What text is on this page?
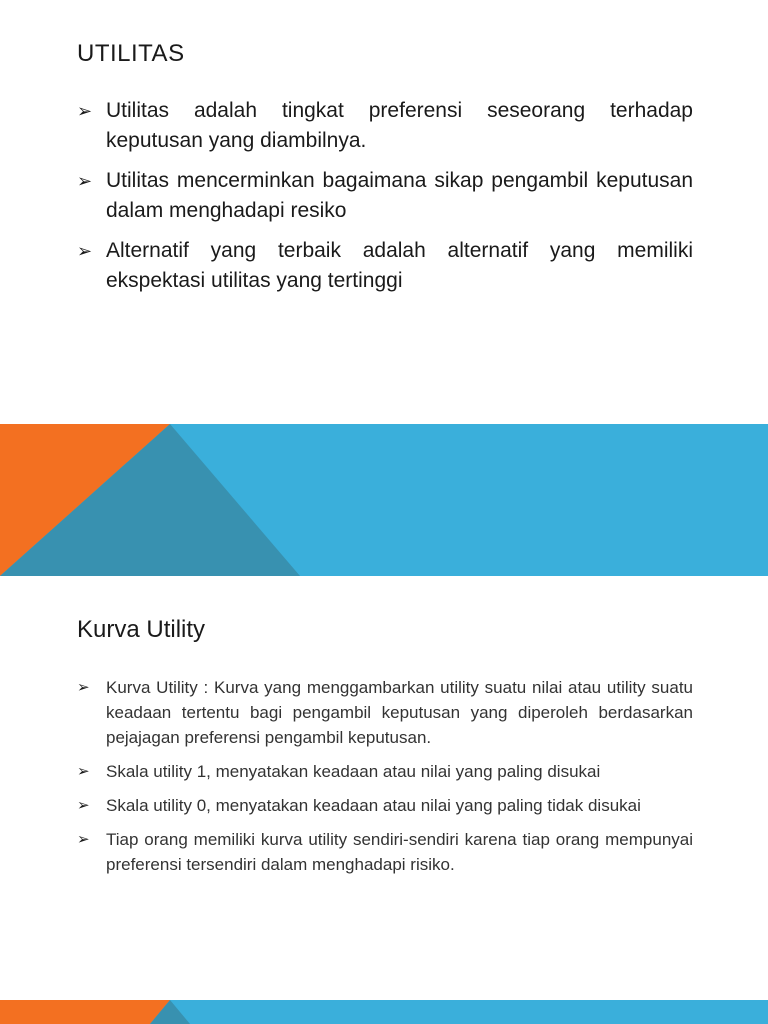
UTILITAS
➢ Utilitas adalah tingkat preferensi seseorang terhadap keputusan yang diambilnya.
➢ Utilitas mencerminkan bagaimana sikap pengambil keputusan dalam menghadapi resiko
➢ Alternatif yang terbaik adalah alternatif yang memiliki ekspektasi utilitas yang tertinggi
Kurva Utility
➢ Kurva Utility : Kurva yang menggambarkan utility suatu nilai atau utility suatu keadaan tertentu bagi pengambil keputusan yang diperoleh berdasarkan pejajagan preferensi pengambil keputusan.
➢ Skala utility 1, menyatakan keadaan atau nilai yang paling disukai
➢ Skala utility 0, menyatakan keadaan atau nilai yang paling tidak disukai
➢ Tiap orang memiliki kurva utility sendiri-sendiri karena tiap orang mempunyai preferensi tersendiri dalam menghadapi risiko.
